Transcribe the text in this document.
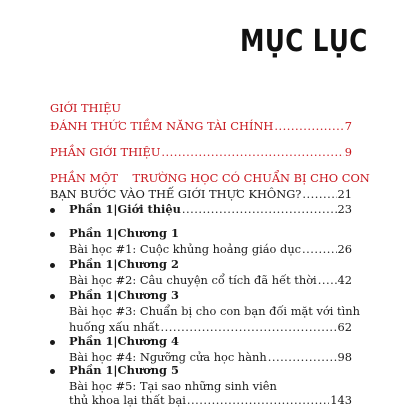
MỤC LỤC
GIỚI THIỆU
ĐÁNH THỨC TIỀM NĂNG TÀI CHÍNH .....	7
PHẦN GIỚI THIỆU .....	9
PHẦN MỘT    TRƯỜNG HỌC CÓ CHUẨN BỊ CHO CON
BẠN BƯỚC VÀO THẾ GIỚI THỰC KHÔNG? .....	21
Phần 1|Giới thiệu .....	23
Phần 1|Chương 1
Bài học #1: Cuộc khủng hoảng giáo dục .....	26
Phần 1|Chương 2
Bài học #2: Câu chuyện cổ tích đã hết thời ..... 42
Phần 1|Chương 3
Bài học #3: Chuẩn bị cho con bạn đối mặt với tình
huống xấu nhất .....	62
Phần 1|Chương 4
Bài học #4: Ngưỡng cửa học hành .....	98
Phần 1|Chương 5
Bài học #5: Tại sao những sinh viên
thủ khoa lại thất bại .....	143
